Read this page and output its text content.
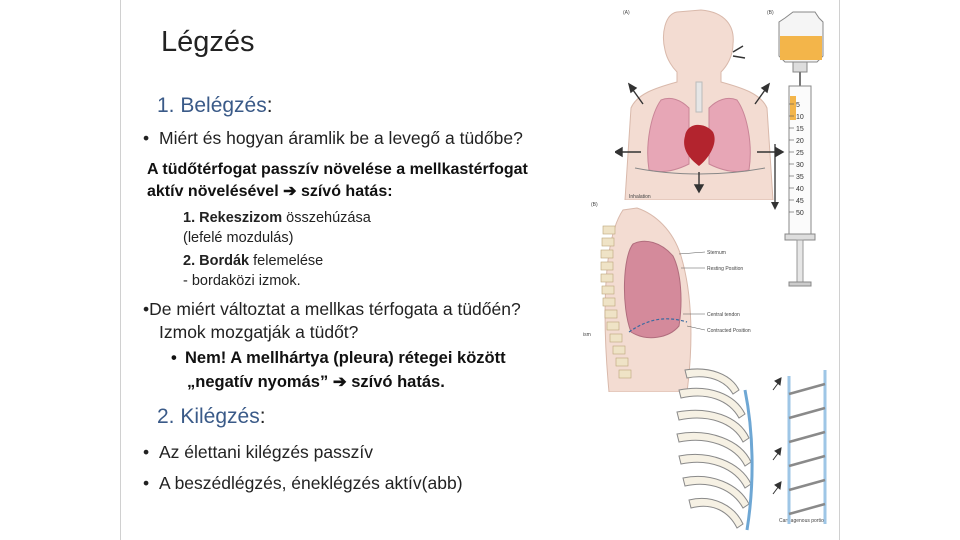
Légzés
1. Belégzés:
• Miért és hogyan áramlik be a levegő a tüdőbe?
A tüdőtérfogat passzív növelése a mellkastérfogat
aktív növelésével ➔ szívó hatás:
1. Rekeszizom összehúzása
(lefelé mozdulás)
2. Bordák felemelése
- bordaközi izmok.
•De miért változtat a mellkas térfogata a tüdőén?
Izmok mozgatják a tüdőt?
• Nem! A mellhártya (pleura) rétegei között
„negatív nyomás” ➔ szívó hatás.
2. Kilégzés:
• Az élettani kilégzés passzív
• A beszédlégzés, éneklégzés aktív(abb)
(A)
Inhalation
(B)
5
10
15
20
25
30
35
40
45
50
(B)
Sternum
Resting Position
Central tendon
Contracted Position
ism
Cartilagenous portion
